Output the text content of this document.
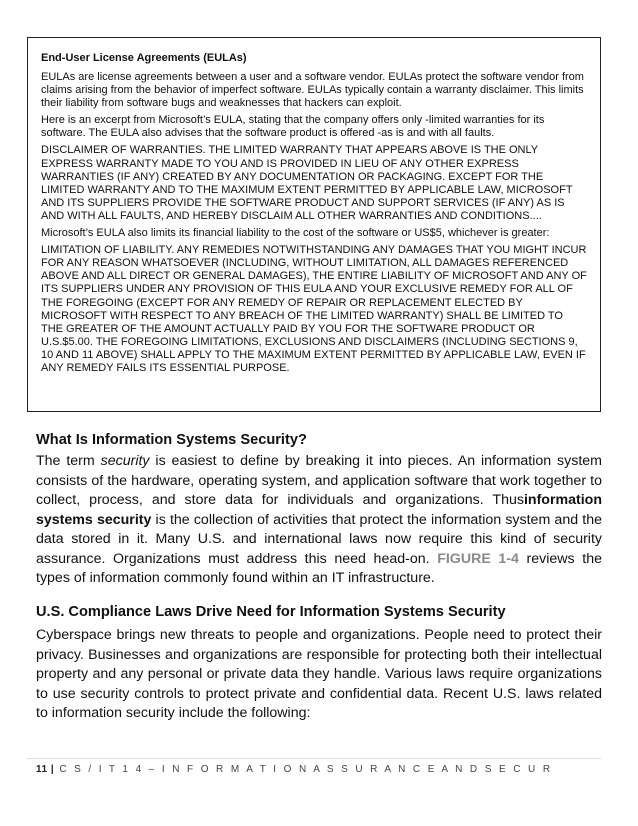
End-User License Agreements (EULAs)

EULAs are license agreements between a user and a software vendor. EULAs protect the software vendor from claims arising from the behavior of imperfect software. EULAs typically contain a warranty disclaimer. This limits their liability from software bugs and weaknesses that hackers can exploit.

Here is an excerpt from Microsoft’s EULA, stating that the company offers only -limited warranties for its software. The EULA also advises that the software product is offered -as is and with all faults.

DISCLAIMER OF WARRANTIES. THE LIMITED WARRANTY THAT APPEARS ABOVE IS THE ONLY EXPRESS WARRANTY MADE TO YOU AND IS PROVIDED IN LIEU OF ANY OTHER EXPRESS WARRANTIES (IF ANY) CREATED BY ANY DOCUMENTATION OR PACKAGING. EXCEPT FOR THE LIMITED WARRANTY AND TO THE MAXIMUM EXTENT PERMITTED BY APPLICABLE LAW, MICROSOFT AND ITS SUPPLIERS PROVIDE THE SOFTWARE PRODUCT AND SUPPORT SERVICES (IF ANY) AS IS AND WITH ALL FAULTS, AND HEREBY DISCLAIM ALL OTHER WARRANTIES AND CONDITIONS....

Microsoft’s EULA also limits its financial liability to the cost of the software or US$5, whichever is greater:

LIMITATION OF LIABILITY. ANY REMEDIES NOTWITHSTANDING ANY DAMAGES THAT YOU MIGHT INCUR FOR ANY REASON WHATSOEVER (INCLUDING, WITHOUT LIMITATION, ALL DAMAGES REFERENCED ABOVE AND ALL DIRECT OR GENERAL DAMAGES), THE ENTIRE LIABILITY OF MICROSOFT AND ANY OF ITS SUPPLIERS UNDER ANY PROVISION OF THIS EULA AND YOUR EXCLUSIVE REMEDY FOR ALL OF THE FOREGOING (EXCEPT FOR ANY REMEDY OF REPAIR OR REPLACEMENT ELECTED BY MICROSOFT WITH RESPECT TO ANY BREACH OF THE LIMITED WARRANTY) SHALL BE LIMITED TO THE GREATER OF THE AMOUNT ACTUALLY PAID BY YOU FOR THE SOFTWARE PRODUCT OR U.S.$5.00. THE FOREGOING LIMITATIONS, EXCLUSIONS AND DISCLAIMERS (INCLUDING SECTIONS 9, 10 AND 11 ABOVE) SHALL APPLY TO THE MAXIMUM EXTENT PERMITTED BY APPLICABLE LAW, EVEN IF ANY REMEDY FAILS ITS ESSENTIAL PURPOSE.

What Is Information Systems Security?

The term security is easiest to define by breaking it into pieces. An information system consists of the hardware, operating system, and application software that work together to collect, process, and store data for individuals and organizations. Thusinformation systems security is the collection of activities that protect the information system and the data stored in it. Many U.S. and international laws now require this kind of security assurance. Organizations must address this need head-on. FIGURE 1-4 reviews the types of information commonly found within an IT infrastructure.

U.S. Compliance Laws Drive Need for Information Systems Security

Cyberspace brings new threats to people and organizations. People need to protect their privacy. Businesses and organizations are responsible for protecting both their intellectual property and any personal or private data they handle. Various laws require organizations to use security controls to protect private and confidential data. Recent U.S. laws related to information security include the following:

11 | C S / I T 1 4 – I N F O R M A T I O N A S S U R A N C E A N D S E C U R
